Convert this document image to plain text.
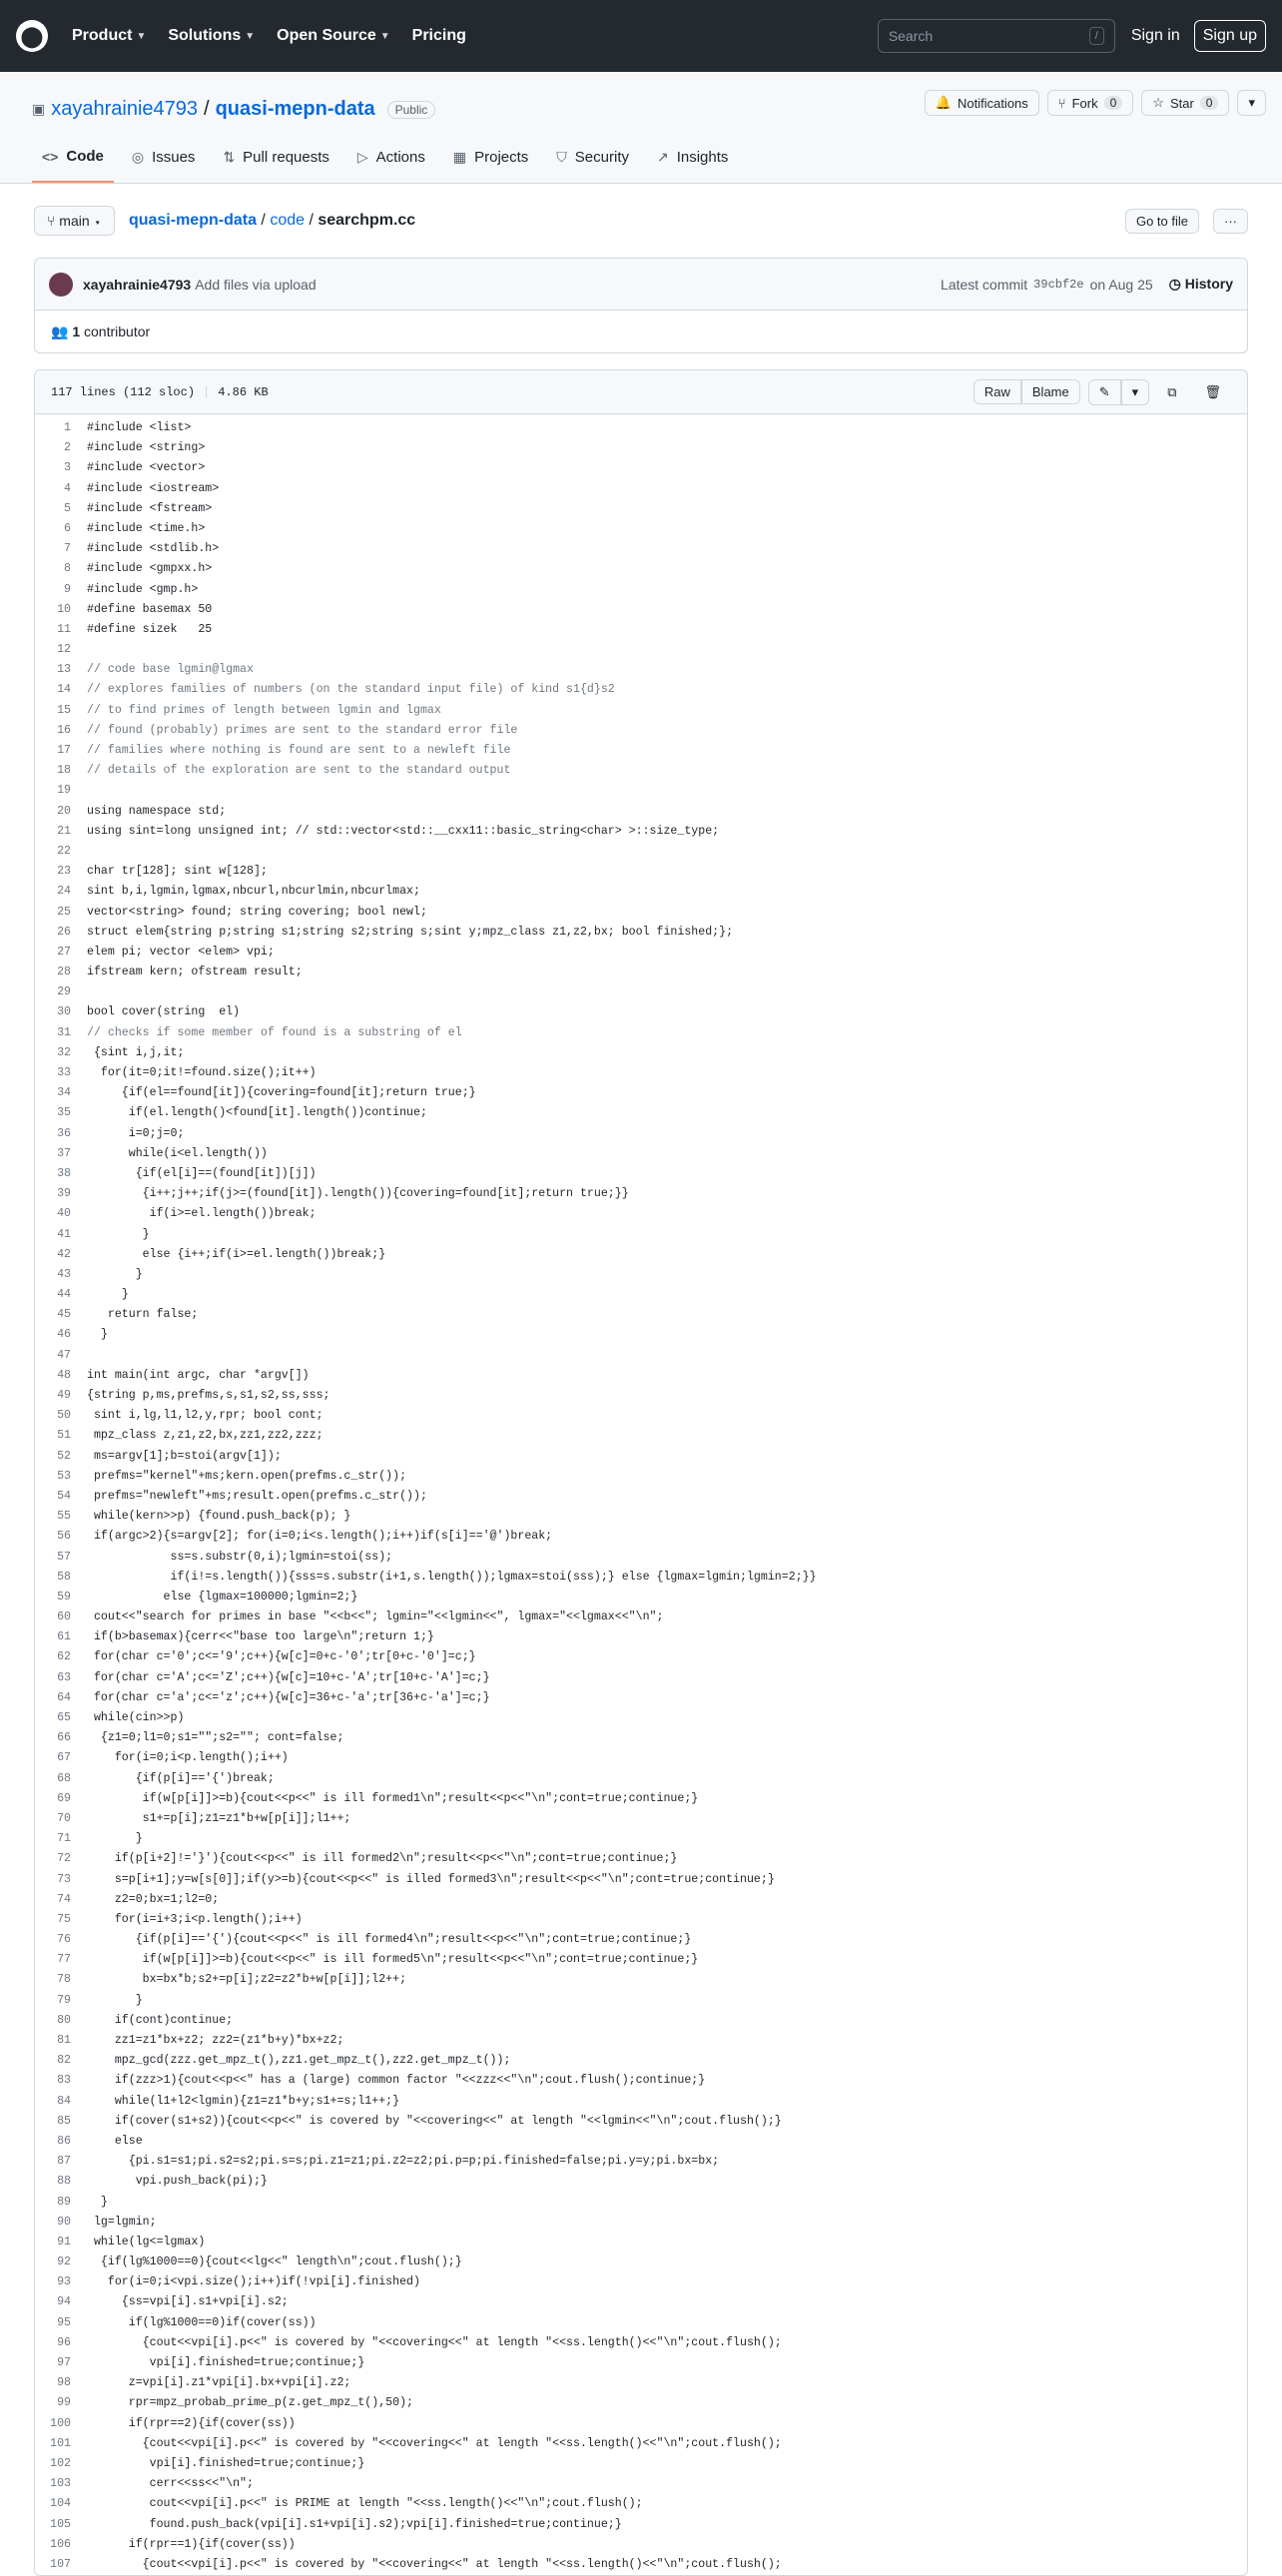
⬤	Product ▼ Solutions ▼ Open Source ▼ Pricing	Search	/	Sign in	Sign up
▣ xayahrainie4793 / quasi-mepn-data	Public	🔔 Notifications ⑂ Fork	0	☆ Star	0	▾
<> Code ◎ Issues ⇅ Pull requests ▷ Actions ▦ Projects ⛉ Security ↗ Insights
⑂ main ▾	quasi-mepn-data / code / searchpm.cc	Go to file	···
xayahrainie4793 Add files via upload	Latest commit 39cbf2e on Aug 25 ◷ History
👥 1
contributor
117 lines (112 sloc) | 4.86 KB	Raw	Blame	✎	▾	⧉	🗑
1	#include <list>
2	#include <string>
3	#include <vector>
4	#include <iostream>
5	#include <fstream>
6	#include <time.h>
7	#include <stdlib.h>
8	#include <gmpxx.h>
9	#include <gmp.h>
10	#define basemax 50
11	#define sizek   25
12
13	// code base lgmin@lgmax
14	// explores families of numbers (on the standard input file) of kind s1{d}s2
15	// to find primes of length between lgmin and lgmax
16	// found (probably) primes are sent to the standard error file
17	// families where nothing is found are sent to a newleft file
18	// details of the exploration are sent to the standard output
19
20	using namespace std;
21	using sint=long unsigned int; // std::vector<std::__cxx11::basic_string<char> >::size_type;
22
23	char tr[128]; sint w[128];
24	sint b,i,lgmin,lgmax,nbcurl,nbcurlmin,nbcurlmax;
25	vector<string> found; string covering; bool newl;
26	struct elem{string p;string s1;string s2;string s;sint y;mpz_class z1,z2,bx; bool finished;};
27	elem pi; vector <elem> vpi;
28	ifstream kern; ofstream result;
29
30	bool cover(string  el)
31	// checks if some member of found is a substring of el
32	{sint i,j,it;
33	for(it=0;it!=found.size();it++)
34	{if(el==found[it]){covering=found[it];return true;}
35	if(el.length()<found[it].length())continue;
36	i=0;j=0;
37	while(i<el.length())
38	{if(el[i]==(found[it])[j])
39	{i++;j++;if(j>=(found[it]).length()){covering=found[it];return true;}}
40	if(i>=el.length())break;
41	}
42	else {i++;if(i>=el.length())break;}
43	}
44	}
45	return false;
46	}
47
48	int main(int argc, char *argv[])
49	{string p,ms,prefms,s,s1,s2,ss,sss;
50	sint i,lg,l1,l2,y,rpr; bool cont;
51	mpz_class z,z1,z2,bx,zz1,zz2,zzz;
52	ms=argv[1];b=stoi(argv[1]);
53	prefms="kernel"+ms;kern.open(prefms.c_str());
54	prefms="newleft"+ms;result.open(prefms.c_str());
55	while(kern>>p) {found.push_back(p); }
56	if(argc>2){s=argv[2]; for(i=0;i<s.length();i++)if(s[i]=='@')break;
57	ss=s.substr(0,i);lgmin=stoi(ss);
58	if(i!=s.length()){sss=s.substr(i+1,s.length());lgmax=stoi(sss);} else {lgmax=lgmin;lgmin=2;}}
59	else {lgmax=100000;lgmin=2;}
60	cout<<"search for primes in base "<<b<<"; lgmin="<<lgmin<<", lgmax="<<lgmax<<"\n";
61	if(b>basemax){cerr<<"base too large\n";return 1;}
62	for(char c='0';c<='9';c++){w[c]=0+c-'0';tr[0+c-'0']=c;}
63	for(char c='A';c<='Z';c++){w[c]=10+c-'A';tr[10+c-'A']=c;}
64	for(char c='a';c<='z';c++){w[c]=36+c-'a';tr[36+c-'a']=c;}
65	while(cin>>p)
66	{z1=0;l1=0;s1="";s2=""; cont=false;
67	for(i=0;i<p.length();i++)
68	{if(p[i]=='{')break;
69	if(w[p[i]]>=b){cout<<p<<" is ill formed1\n";result<<p<<"\n";cont=true;continue;}
70	s1+=p[i];z1=z1*b+w[p[i]];l1++;
71	}
72	if(p[i+2]!='}'){cout<<p<<" is ill formed2\n";result<<p<<"\n";cont=true;continue;}
73	s=p[i+1];y=w[s[0]];if(y>=b){cout<<p<<" is illed formed3\n";result<<p<<"\n";cont=true;continue;}
74	z2=0;bx=1;l2=0;
75	for(i=i+3;i<p.length();i++)
76	{if(p[i]=='{'){cout<<p<<" is ill formed4\n";result<<p<<"\n";cont=true;continue;}
77	if(w[p[i]]>=b){cout<<p<<" is ill formed5\n";result<<p<<"\n";cont=true;continue;}
78	bx=bx*b;s2+=p[i];z2=z2*b+w[p[i]];l2++;
79	}
80	if(cont)continue;
81	zz1=z1*bx+z2; zz2=(z1*b+y)*bx+z2;
82	mpz_gcd(zzz.get_mpz_t(),zz1.get_mpz_t(),zz2.get_mpz_t());
83	if(zzz>1){cout<<p<<" has a (large) common factor "<<zzz<<"\n";cout.flush();continue;}
84	while(l1+l2<lgmin){z1=z1*b+y;s1+=s;l1++;}
85	if(cover(s1+s2)){cout<<p<<" is covered by "<<covering<<" at length "<<lgmin<<"\n";cout.flush();}
86	else
87	{pi.s1=s1;pi.s2=s2;pi.s=s;pi.z1=z1;pi.z2=z2;pi.p=p;pi.finished=false;pi.y=y;pi.bx=bx;
88	vpi.push_back(pi);}
89	}
90	lg=lgmin;
91	while(lg<=lgmax)
92	{if(lg%1000==0){cout<<lg<<" length\n";cout.flush();}
93	for(i=0;i<vpi.size();i++)if(!vpi[i].finished)
94	{ss=vpi[i].s1+vpi[i].s2;
95	if(lg%1000==0)if(cover(ss))
96	{cout<<vpi[i].p<<" is covered by "<<covering<<" at length "<<ss.length()<<"\n";cout.flush();
97	vpi[i].finished=true;continue;}
98	z=vpi[i].z1*vpi[i].bx+vpi[i].z2;
99	rpr=mpz_probab_prime_p(z.get_mpz_t(),50);
100	if(rpr==2){if(cover(ss))
101	{cout<<vpi[i].p<<" is covered by "<<covering<<" at length "<<ss.length()<<"\n";cout.flush();
102	vpi[i].finished=true;continue;}
103	cerr<<ss<<"\n";
104	cout<<vpi[i].p<<" is PRIME at length "<<ss.length()<<"\n";cout.flush();
105	found.push_back(vpi[i].s1+vpi[i].s2);vpi[i].finished=true;continue;}
106	if(rpr==1){if(cover(ss))
107	{cout<<vpi[i].p<<" is covered by "<<covering<<" at length "<<ss.length()<<"\n";cout.flush();
